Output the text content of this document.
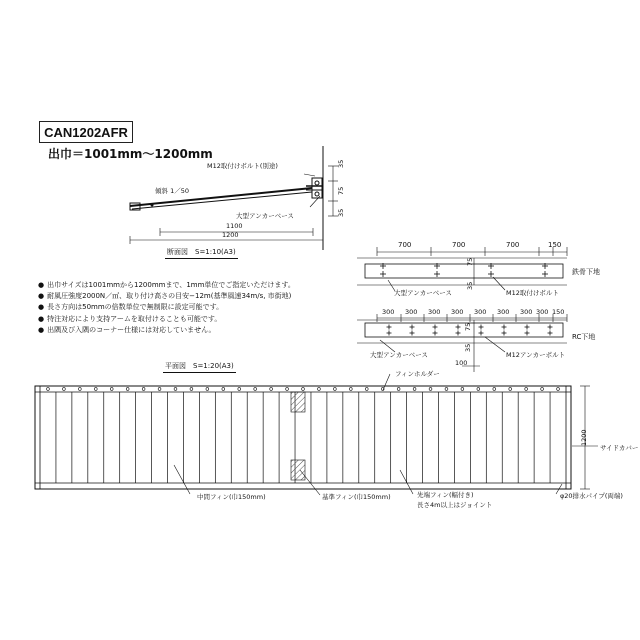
CAN1202AFR
出巾＝1001mm～1200mm
M12取付けボルト(別途)
傾斜 1／50
大型アンカーベース
1100
1200
35
75
35
断面図　S=1:10(A3)
● 出巾サイズは1001mmから1200mmまで、1mm単位でご指定いただけます。
● 耐風圧強度2000N／㎡、取り付け高さの目安−12m(基準風速34m/s, 市街地)
● 長さ方向は50mmの倍数単位で無制限に設定可能です。
● 特注対応により支持アームを取付けることも可能です。
● 出隅及び入隅のコーナー仕様には対応していません。
700	700	700	150
75
35
鉄骨下地
大型アンカーベース	M12取付けボルト
300 300 300 300 300 300 300 300 150
75
35
100
RC下地
大型アンカーベース	M12アンカーボルト
平面図　S=1:20(A3)
フィンホルダー
サイドカバー
1200
中間フィン(巾150mm)	基準フィン(巾150mm)	先端フィン(幅付き)
長さ4m以上はジョイント
φ20排水パイプ(両端)
